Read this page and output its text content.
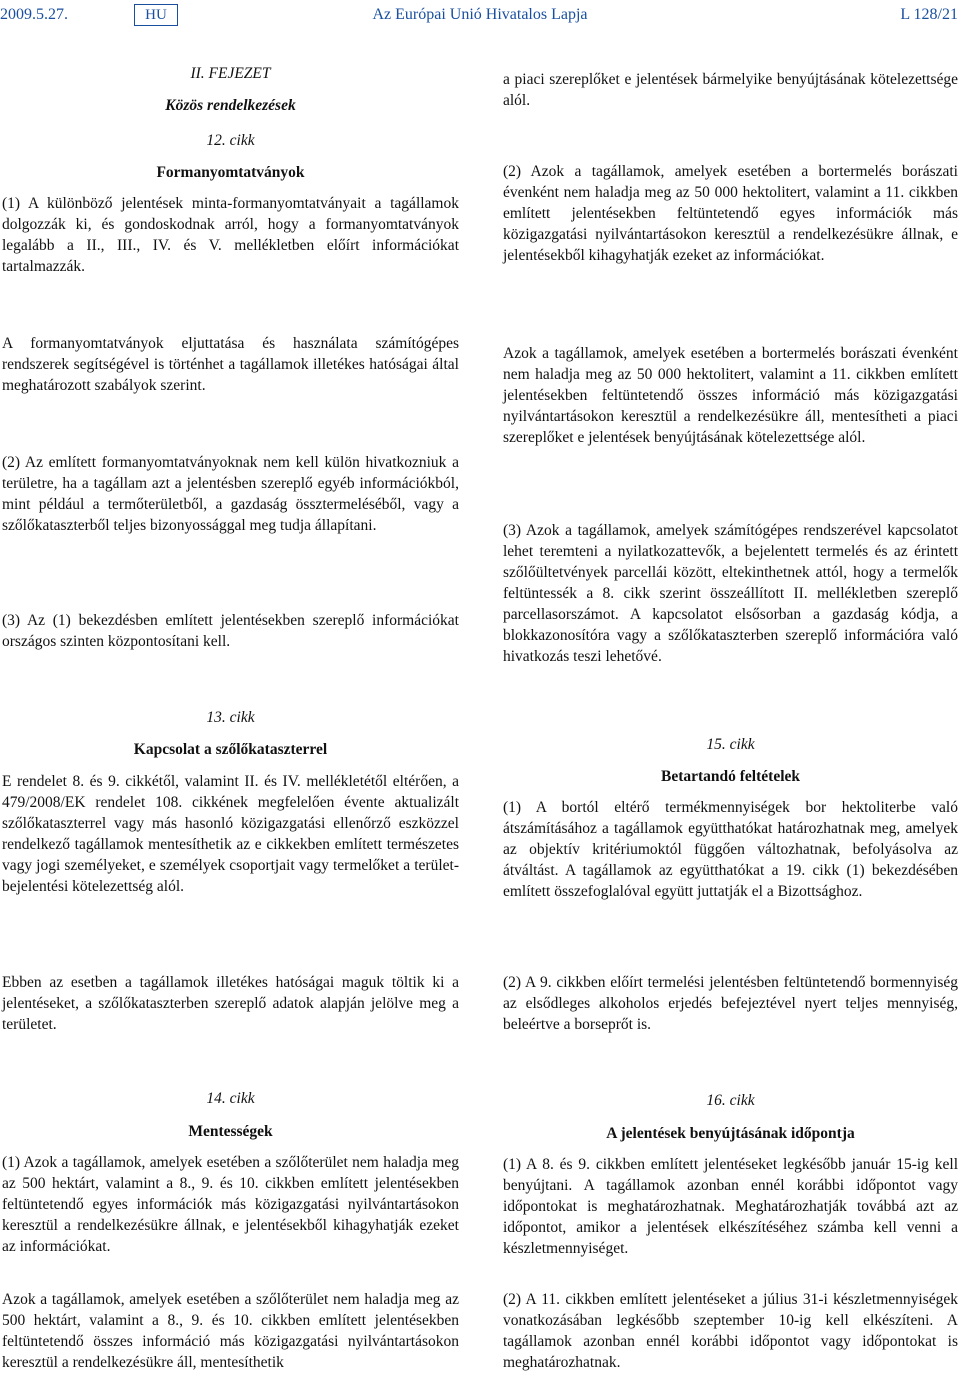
2009.5.27.	HU	Az Európai Unió Hivatalos Lapja	L 128/21
II. FEJEZET
Közös rendelkezések
12. cikk
Formanyomtatványok
(1) A különböző jelentések minta-formanyomtatványait a tagállamok dolgozzák ki, és gondoskodnak arról, hogy a formanyomtatványok legalább a II., III., IV. és V. mellékletben előírt információkat tartalmazzák.
A formanyomtatványok eljuttatása és használata számítógépes rendszerek segítségével is történhet a tagállamok illetékes hatóságai által meghatározott szabályok szerint.
(2) Az említett formanyomtatványoknak nem kell külön hivatkozniuk a területre, ha a tagállam azt a jelentésben szereplő egyéb információkból, mint például a termőterületből, a gazdaság össztermeléséből, vagy a szőlőkataszterből teljes bizonyossággal meg tudja állapítani.
(3) Az (1) bekezdésben említett jelentésekben szereplő információkat országos szinten központosítani kell.
13. cikk
Kapcsolat a szőlőkataszterrel
E rendelet 8. és 9. cikkétől, valamint II. és IV. mellékletétől eltérően, a 479/2008/EK rendelet 108. cikkének megfelelően évente aktualizált szőlőkataszterrel vagy más hasonló közigazgatási ellenőrző eszközzel rendelkező tagállamok mentesíthetik az e cikkekben említett természetes vagy jogi személyeket, e személyek csoportjait vagy termelőket a terület-bejelentési kötelezettség alól.
Ebben az esetben a tagállamok illetékes hatóságai maguk töltik ki a jelentéseket, a szőlőkataszterben szereplő adatok alapján jelölve meg a területet.
14. cikk
Mentességek
(1) Azok a tagállamok, amelyek esetében a szőlőterület nem haladja meg az 500 hektárt, valamint a 8., 9. és 10. cikkben említett jelentésekben feltüntetendő egyes információk más közigazgatási nyilvántartásokon keresztül a rendelkezésükre állnak, e jelentésekből kihagyhatják ezeket az információkat.
Azok a tagállamok, amelyek esetében a szőlőterület nem haladja meg az 500 hektárt, valamint a 8., 9. és 10. cikkben említett jelentésekben feltüntetendő összes információ más közigazgatási nyilvántartásokon keresztül a rendelkezésükre áll, mentesíthetik
a piaci szereplőket e jelentések bármelyike benyújtásának kötelezettsége alól.
(2) Azok a tagállamok, amelyek esetében a bortermelés borászati évenként nem haladja meg az 50 000 hektolitert, valamint a 11. cikkben említett jelentésekben feltüntetendő egyes információk más közigazgatási nyilvántartásokon keresztül a rendelkezésükre állnak, e jelentésekből kihagyhatják ezeket az információkat.
Azok a tagállamok, amelyek esetében a bortermelés borászati évenként nem haladja meg az 50 000 hektolitert, valamint a 11. cikkben említett jelentésekben feltüntetendő összes információ más közigazgatási nyilvántartásokon keresztül a rendelkezésükre áll, mentesítheti a piaci szereplőket e jelentések benyújtásának kötelezettsége alól.
(3) Azok a tagállamok, amelyek számítógépes rendszerével kapcsolatot lehet teremteni a nyilatkozattevők, a bejelentett termelés és az érintett szőlőültetvények parcellái között, eltekinthetnek attól, hogy a termelők feltüntessék a 8. cikk szerint összeállított II. mellékletben szereplő parcellasorszámot. A kapcsolatot elsősorban a gazdaság kódja, a blokkazonosítóra vagy a szőlőkataszterben szereplő információra való hivatkozás teszi lehetővé.
15. cikk
Betartandó feltételek
(1) A bortól eltérő termékmennyiségek bor hektoliterbe való átszámításához a tagállamok együtthatókat határozhatnak meg, amelyek az objektív kritériumoktól függően változhatnak, befolyásolva az átváltást. A tagállamok az együtthatókat a 19. cikk (1) bekezdésében említett összefoglalóval együtt juttatják el a Bizottsághoz.
(2) A 9. cikkben előírt termelési jelentésben feltüntetendő bormennyiség az elsődleges alkoholos erjedés befejeztével nyert teljes mennyiség, beleértve a borseprőt is.
16. cikk
A jelentések benyújtásának időpontja
(1) A 8. és 9. cikkben említett jelentéseket legkésőbb január 15-ig kell benyújtani. A tagállamok azonban ennél korábbi időpontot vagy időpontokat is meghatározhatnak. Meghatározhatják továbbá azt az időpontot, amikor a jelentések elkészítéséhez számba kell venni a készletmennyiséget.
(2) A 11. cikkben említett jelentéseket a július 31-i készletmennyiségek vonatkozásában legkésőbb szeptember 10-ig kell elkészíteni. A tagállamok azonban ennél korábbi időpontot vagy időpontokat is meghatározhatnak.
